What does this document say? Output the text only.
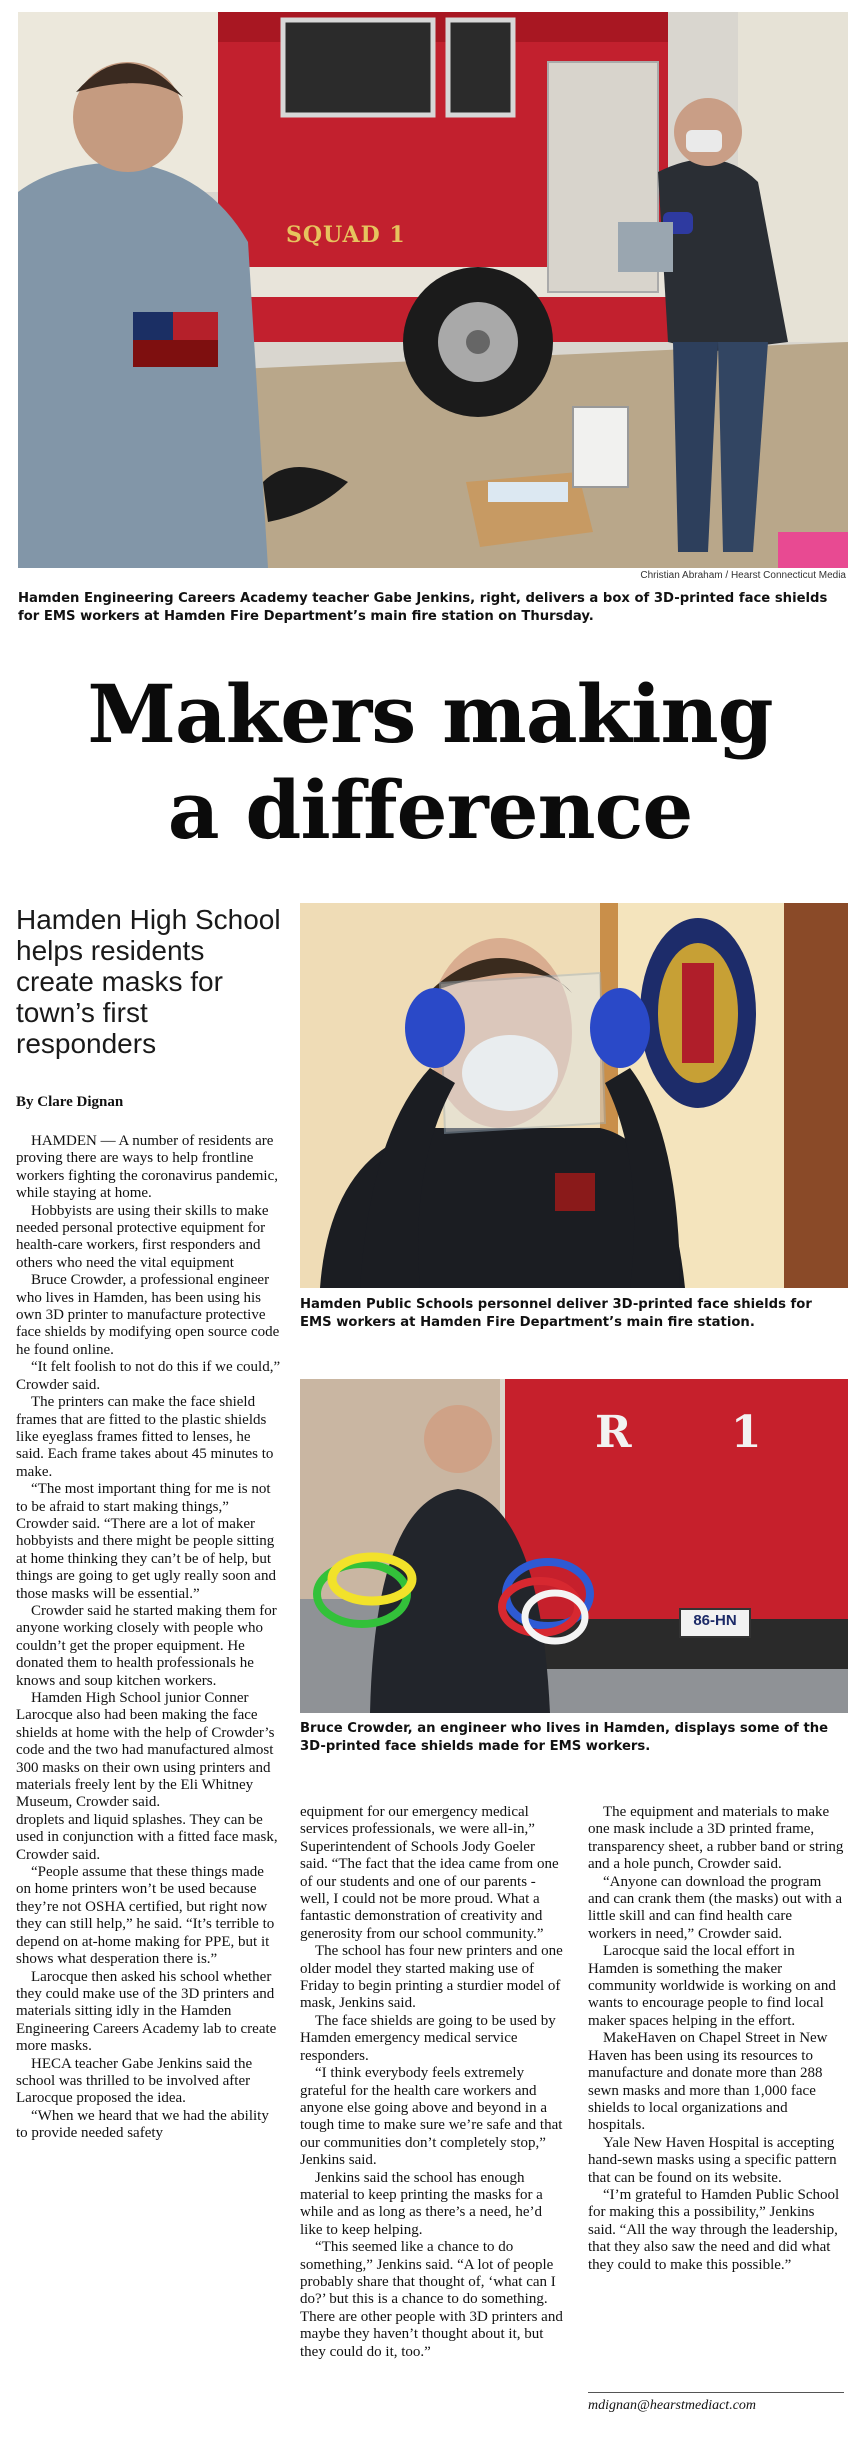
SQUAD 1
Christian Abraham / Hearst Connecticut Media
Hamden Engineering Careers Academy teacher Gabe Jenkins, right, delivers a box of 3D-printed face shields for EMS workers at Hamden Fire Department’s main fire station on Thursday.
Makers making
a difference
Hamden High School helps residents create masks for town’s first responders
By Clare Dignan
Hamden Public Schools personnel deliver 3D-printed face shields for EMS workers at Hamden Fire Department’s main fire station.
R 1
86-HN
Bruce Crowder, an engineer who lives in Hamden, displays some of the 3D-printed face shields made for EMS workers.

HAMDEN — A number of residents are proving there are ways to help frontline workers fighting the coronavirus pandemic, while staying at home.

Hobbyists are using their skills to make needed personal protective equipment for health-care workers, first responders and others who need the vital equipment

Bruce Crowder, a professional engineer who lives in Hamden, has been using his own 3D printer to manufacture protective face shields by modifying open source code he found online.

“It felt foolish to not do this if we could,” Crowder said.

The printers can make the face shield frames that are fitted to the plastic shields like eyeglass frames fitted to lenses, he said. Each frame takes about 45 minutes to make.

“The most important thing for me is not to be afraid to start making things,” Crowder said. “There are a lot of maker hobbyists and there might be people sitting at home thinking they can’t be of help, but things are going to get ugly really soon and those masks will be essential.”

Crowder said he started making them for anyone working closely with people who couldn’t get the proper equipment. He donated them to health professionals he knows and soup kitchen workers.

Hamden High School junior Conner Larocque also had been making the face shields at home with the help of Crowder’s code and the two had manufactured almost 300 masks on their own using printers and materials freely lent by the Eli Whitney Museum, Crowder said.

droplets and liquid splashes. They can be used in conjunction with a fitted face mask, Crowder said.

“People assume that these things made on home printers won’t be used because they’re not OSHA certified, but right now they can still help,” he said. “It’s terrible to depend on at-home making for PPE, but it shows what desperation there is.”

Larocque then asked his school whether they could make use of the 3D printers and materials sitting idly in the Hamden Engineering Careers Academy lab to create more masks.

HECA teacher Gabe Jenkins said the school was thrilled to be involved after Larocque proposed the idea.

“When we heard that we had the ability to provide needed safety

equipment for our emergency medical services professionals, we were all-in,” Superintendent of Schools Jody Goeler said. “The fact that the idea came from one of our students and one of our parents - well, I could not be more proud. What a fantastic demonstration of creativity and generosity from our school community.”

The school has four new printers and one older model they started making use of Friday to begin printing a sturdier model of mask, Jenkins said.

The face shields are going to be used by Hamden emergency medical service responders.

“I think everybody feels extremely grateful for the health care workers and anyone else going above and beyond in a tough time to make sure we’re safe and that our communities don’t completely stop,” Jenkins said.

Jenkins said the school has enough material to keep printing the masks for a while and as long as there’s a need, he’d like to keep helping.

“This seemed like a chance to do something,” Jenkins said. “A lot of people probably share that thought of, ‘what can I do?’ but this is a chance to do something. There are other people with 3D printers and maybe they haven’t thought about it, but they could do it, too.”

The equipment and materials to make one mask include a 3D printed frame, transparency sheet, a rubber band or string and a hole punch, Crowder said.

“Anyone can download the program and can crank them (the masks) out with a little skill and can find health care workers in need,” Crowder said.

Larocque said the local effort in Hamden is something the maker community worldwide is working on and wants to encourage people to find local maker spaces helping in the effort.

MakeHaven on Chapel Street in New Haven has been using its resources to manufacture and donate more than 288 sewn masks and more than 1,000 face shields to local organizations and hospitals.

Yale New Haven Hospital is accepting hand-sewn masks using a specific pattern that can be found on its website.

“I’m grateful to Hamden Public School for making this a possibility,” Jenkins said. “All the way through the leadership, that they also saw the need and did what they could to make this possible.”

mdignan@hearstmediact.com
